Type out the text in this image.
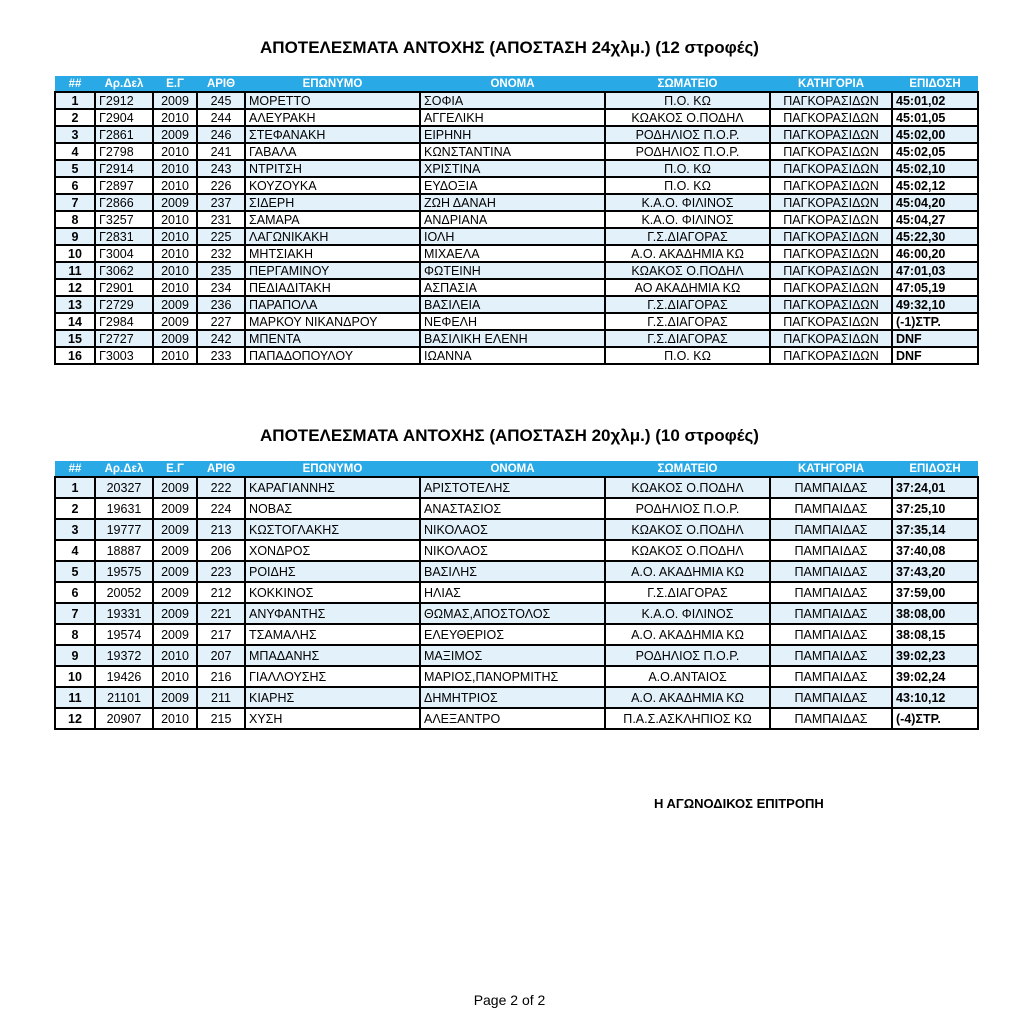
ΑΠΟΤΕΛΕΣΜΑΤΑ ΑΝΤΟΧΗΣ (ΑΠΟΣΤΑΣΗ 24χλμ.) (12 στροφές)
##	Αρ.Δελ	Ε.Γ	ΑΡΙΘ	ΕΠΩΝΥΜΟ	ΟΝΟΜΑ	ΣΩΜΑΤΕΙΟ	ΚΑΤΗΓΟΡΙΑ	ΕΠΙΔΟΣΗ
1	Γ2912	2009	245	ΜΟΡΕΤΤΟ	ΣΟΦΙΑ	Π.Ο. ΚΩ	ΠΑΓΚΟΡΑΣΙΔΩΝ	45:01,02
2	Γ2904	2010	244	ΑΛΕΥΡΑΚΗ	ΑΓΓΕΛΙΚΗ	ΚΩΑΚΟΣ Ο.ΠΟΔΗΛ	ΠΑΓΚΟΡΑΣΙΔΩΝ	45:01,05
3	Γ2861	2009	246	ΣΤΕΦΑΝΑΚΗ	ΕΙΡΗΝΗ	ΡΟΔΗΛΙΟΣ Π.Ο.Ρ.	ΠΑΓΚΟΡΑΣΙΔΩΝ	45:02,00
4	Γ2798	2010	241	ΓΑΒΑΛΑ	ΚΩΝΣΤΑΝΤΙΝΑ	ΡΟΔΗΛΙΟΣ Π.Ο.Ρ.	ΠΑΓΚΟΡΑΣΙΔΩΝ	45:02,05
5	Γ2914	2010	243	ΝΤΡΙΤΣΗ	ΧΡΙΣΤΙΝΑ	Π.Ο. ΚΩ	ΠΑΓΚΟΡΑΣΙΔΩΝ	45:02,10
6	Γ2897	2010	226	ΚΟΥΖΟΥΚΑ	ΕΥΔΟΞΙΑ	Π.Ο. ΚΩ	ΠΑΓΚΟΡΑΣΙΔΩΝ	45:02,12
7	Γ2866	2009	237	ΣΙΔΕΡΗ	ΖΩΗ ΔΑΝΑΗ	Κ.Α.Ο. ΦΙΛΙΝΟΣ	ΠΑΓΚΟΡΑΣΙΔΩΝ	45:04,20
8	Γ3257	2010	231	ΣΑΜΑΡΑ	ΑΝΔΡΙΑΝΑ	Κ.Α.Ο. ΦΙΛΙΝΟΣ	ΠΑΓΚΟΡΑΣΙΔΩΝ	45:04,27
9	Γ2831	2010	225	ΛΑΓΩΝΙΚΑΚΗ	ΙΟΛΗ	Γ.Σ.ΔΙΑΓΟΡΑΣ	ΠΑΓΚΟΡΑΣΙΔΩΝ	45:22,30
10	Γ3004	2010	232	ΜΗΤΣΙΑΚΗ	ΜΙΧΑΕΛΑ	Α.Ο. ΑΚΑΔΗΜΙΑ ΚΩ	ΠΑΓΚΟΡΑΣΙΔΩΝ	46:00,20
11	Γ3062	2010	235	ΠΕΡΓΑΜΙΝΟΥ	ΦΩΤΕΙΝΗ	ΚΩΑΚΟΣ Ο.ΠΟΔΗΛ	ΠΑΓΚΟΡΑΣΙΔΩΝ	47:01,03
12	Γ2901	2010	234	ΠΕΔΙΑΔΙΤΑΚΗ	ΑΣΠΑΣΙΑ	ΑΟ ΑΚΑΔΗΜΙΑ ΚΩ	ΠΑΓΚΟΡΑΣΙΔΩΝ	47:05,19
13	Γ2729	2009	236	ΠΑΡΑΠΟΛΑ	ΒΑΣΙΛΕΙΑ	Γ.Σ.ΔΙΑΓΟΡΑΣ	ΠΑΓΚΟΡΑΣΙΔΩΝ	49:32,10
14	Γ2984	2009	227	ΜΑΡΚΟΥ ΝΙΚΑΝΔΡΟΥ	ΝΕΦΕΛΗ	Γ.Σ.ΔΙΑΓΟΡΑΣ	ΠΑΓΚΟΡΑΣΙΔΩΝ	(-1)ΣΤΡ.
15	Γ2727	2009	242	ΜΠΕΝΤΑ	ΒΑΣΙΛΙΚΗ ΕΛΕΝΗ	Γ.Σ.ΔΙΑΓΟΡΑΣ	ΠΑΓΚΟΡΑΣΙΔΩΝ	DNF
16	Γ3003	2010	233	ΠΑΠΑΔΟΠΟΥΛΟΥ	ΙΩΑΝΝΑ	Π.Ο. ΚΩ	ΠΑΓΚΟΡΑΣΙΔΩΝ	DNF
ΑΠΟΤΕΛΕΣΜΑΤΑ ΑΝΤΟΧΗΣ (ΑΠΟΣΤΑΣΗ 20χλμ.) (10 στροφές)
##	Αρ.Δελ	Ε.Γ	ΑΡΙΘ	ΕΠΩΝΥΜΟ	ΟΝΟΜΑ	ΣΩΜΑΤΕΙΟ	ΚΑΤΗΓΟΡΙΑ	ΕΠΙΔΟΣΗ
1	20327	2009	222	ΚΑΡΑΓΙΑΝΝΗΣ	ΑΡΙΣΤΟΤΕΛΗΣ	ΚΩΑΚΟΣ Ο.ΠΟΔΗΛ	ΠΑΜΠΑΙΔΑΣ	37:24,01
2	19631	2009	224	ΝΟΒΑΣ	ΑΝΑΣΤΑΣΙΟΣ	ΡΟΔΗΛΙΟΣ Π.Ο.Ρ.	ΠΑΜΠΑΙΔΑΣ	37:25,10
3	19777	2009	213	ΚΩΣΤΟΓΛΑΚΗΣ	ΝΙΚΟΛΑΟΣ	ΚΩΑΚΟΣ Ο.ΠΟΔΗΛ	ΠΑΜΠΑΙΔΑΣ	37:35,14
4	18887	2009	206	ΧΟΝΔΡΟΣ	ΝΙΚΟΛΑΟΣ	ΚΩΑΚΟΣ Ο.ΠΟΔΗΛ	ΠΑΜΠΑΙΔΑΣ	37:40,08
5	19575	2009	223	ΡΟΙΔΗΣ	ΒΑΣΙΛΗΣ	Α.Ο. ΑΚΑΔΗΜΙΑ ΚΩ	ΠΑΜΠΑΙΔΑΣ	37:43,20
6	20052	2009	212	ΚΟΚΚΙΝΟΣ	ΗΛΙΑΣ	Γ.Σ.ΔΙΑΓΟΡΑΣ	ΠΑΜΠΑΙΔΑΣ	37:59,00
7	19331	2009	221	ΑΝΥΦΑΝΤΗΣ	ΘΩΜΑΣ,ΑΠΟΣΤΟΛΟΣ	Κ.Α.Ο. ΦΙΛΙΝΟΣ	ΠΑΜΠΑΙΔΑΣ	38:08,00
8	19574	2009	217	ΤΣΑΜΑΛΗΣ	ΕΛΕΥΘΕΡΙΟΣ	Α.Ο. ΑΚΑΔΗΜΙΑ ΚΩ	ΠΑΜΠΑΙΔΑΣ	38:08,15
9	19372	2010	207	ΜΠΑΔΑΝΗΣ	ΜΑΞΙΜΟΣ	ΡΟΔΗΛΙΟΣ Π.Ο.Ρ.	ΠΑΜΠΑΙΔΑΣ	39:02,23
10	19426	2010	216	ΓΙΑΛΛΟΥΣΗΣ	ΜΑΡΙΟΣ,ΠΑΝΟΡΜΙΤΗΣ	Α.Ο.ΑΝΤΑΙΟΣ	ΠΑΜΠΑΙΔΑΣ	39:02,24
11	21101	2009	211	ΚΙΑΡΗΣ	ΔΗΜΗΤΡΙΟΣ	Α.Ο. ΑΚΑΔΗΜΙΑ ΚΩ	ΠΑΜΠΑΙΔΑΣ	43:10,12
12	20907	2010	215	ΧΥΣΗ	ΑΛΕΞΑΝΤΡΟ	Π.Α.Σ.ΑΣΚΛΗΠΙΟΣ ΚΩ	ΠΑΜΠΑΙΔΑΣ	(-4)ΣΤΡ.
Η ΑΓΩΝΟΔΙΚΟΣ ΕΠΙΤΡΟΠΗ
Page 2 of 2
